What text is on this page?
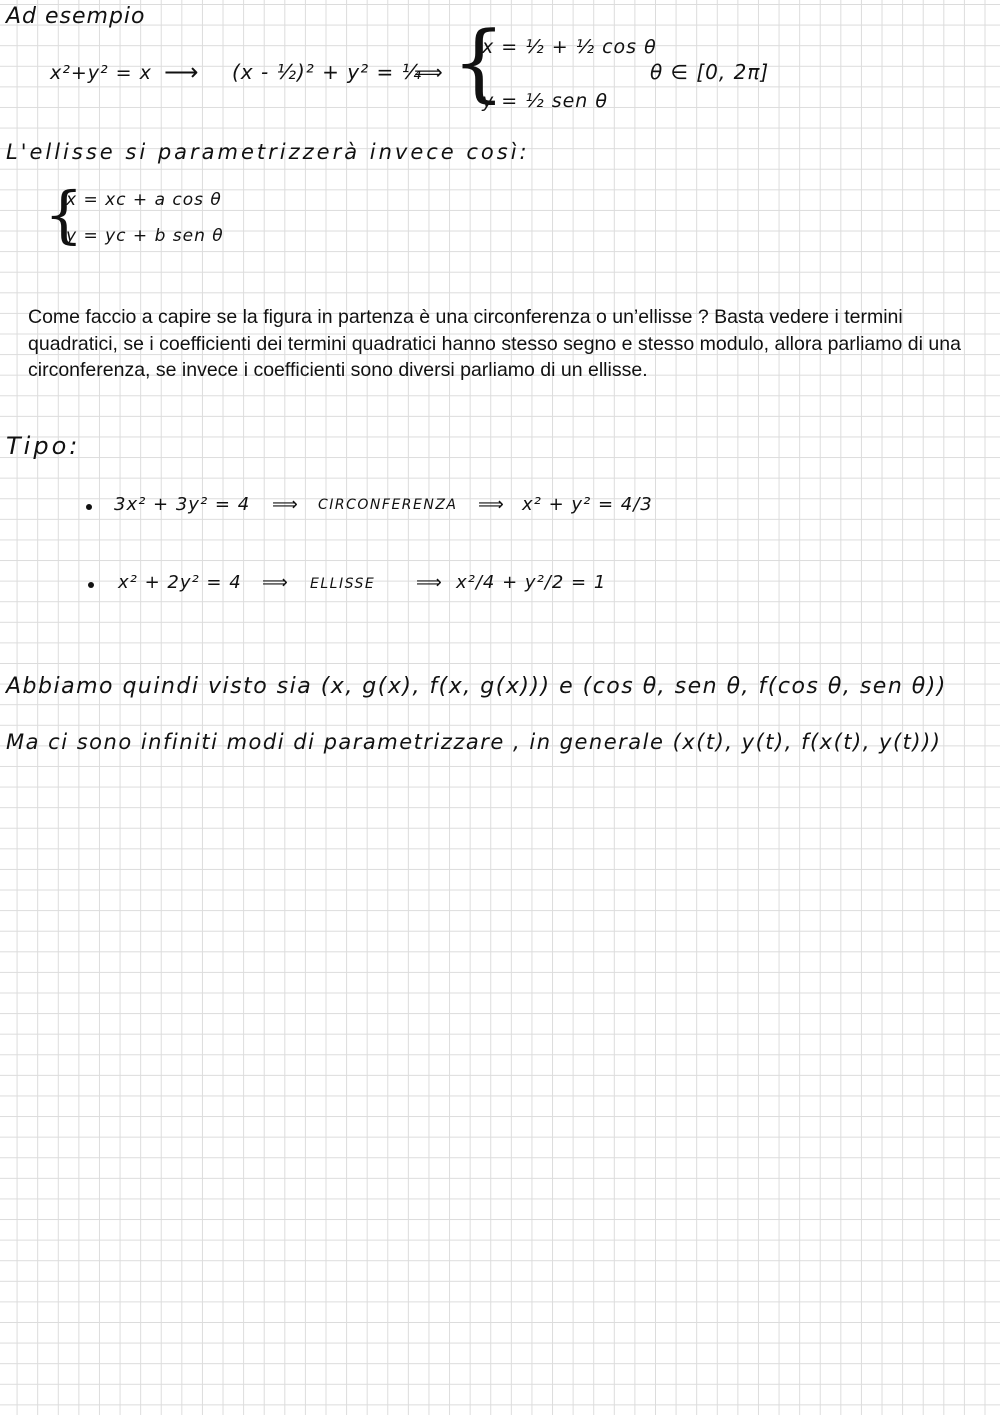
Ad esempio
x²+y² = x ⟶ (x - ½)² + y² = ¼
⟹ {
x = ½ + ½ cos θ
y = ½ sen θ
θ ∈ [0, 2π]
L'ellisse si parametrizzerà invece così:
{
x = xc + a cos θ
y = yc + b sen θ

Come faccio a capire se la figura in partenza è una circonferenza o un’ellisse ? Basta vedere i termini quadratici, se i coefficienti dei termini quadratici hanno stesso segno e stesso modulo, allora parliamo di una circonferenza, se invece i coefficienti sono diversi parliamo di un ellisse.

Tipo:
3x² + 3y² = 4 ⟹ CIRCONFERENZA ⟹ x² + y² = 4/3
x² + 2y² = 4 ⟹ ELLISSE ⟹ x²/4 + y²/2 = 1
Abbiamo quindi visto sia (x, g(x), f(x, g(x))) e (cos θ, sen θ, f(cos θ, sen θ))
Ma ci sono infiniti modi di parametrizzare , in generale (x(t), y(t), f(x(t), y(t)))
